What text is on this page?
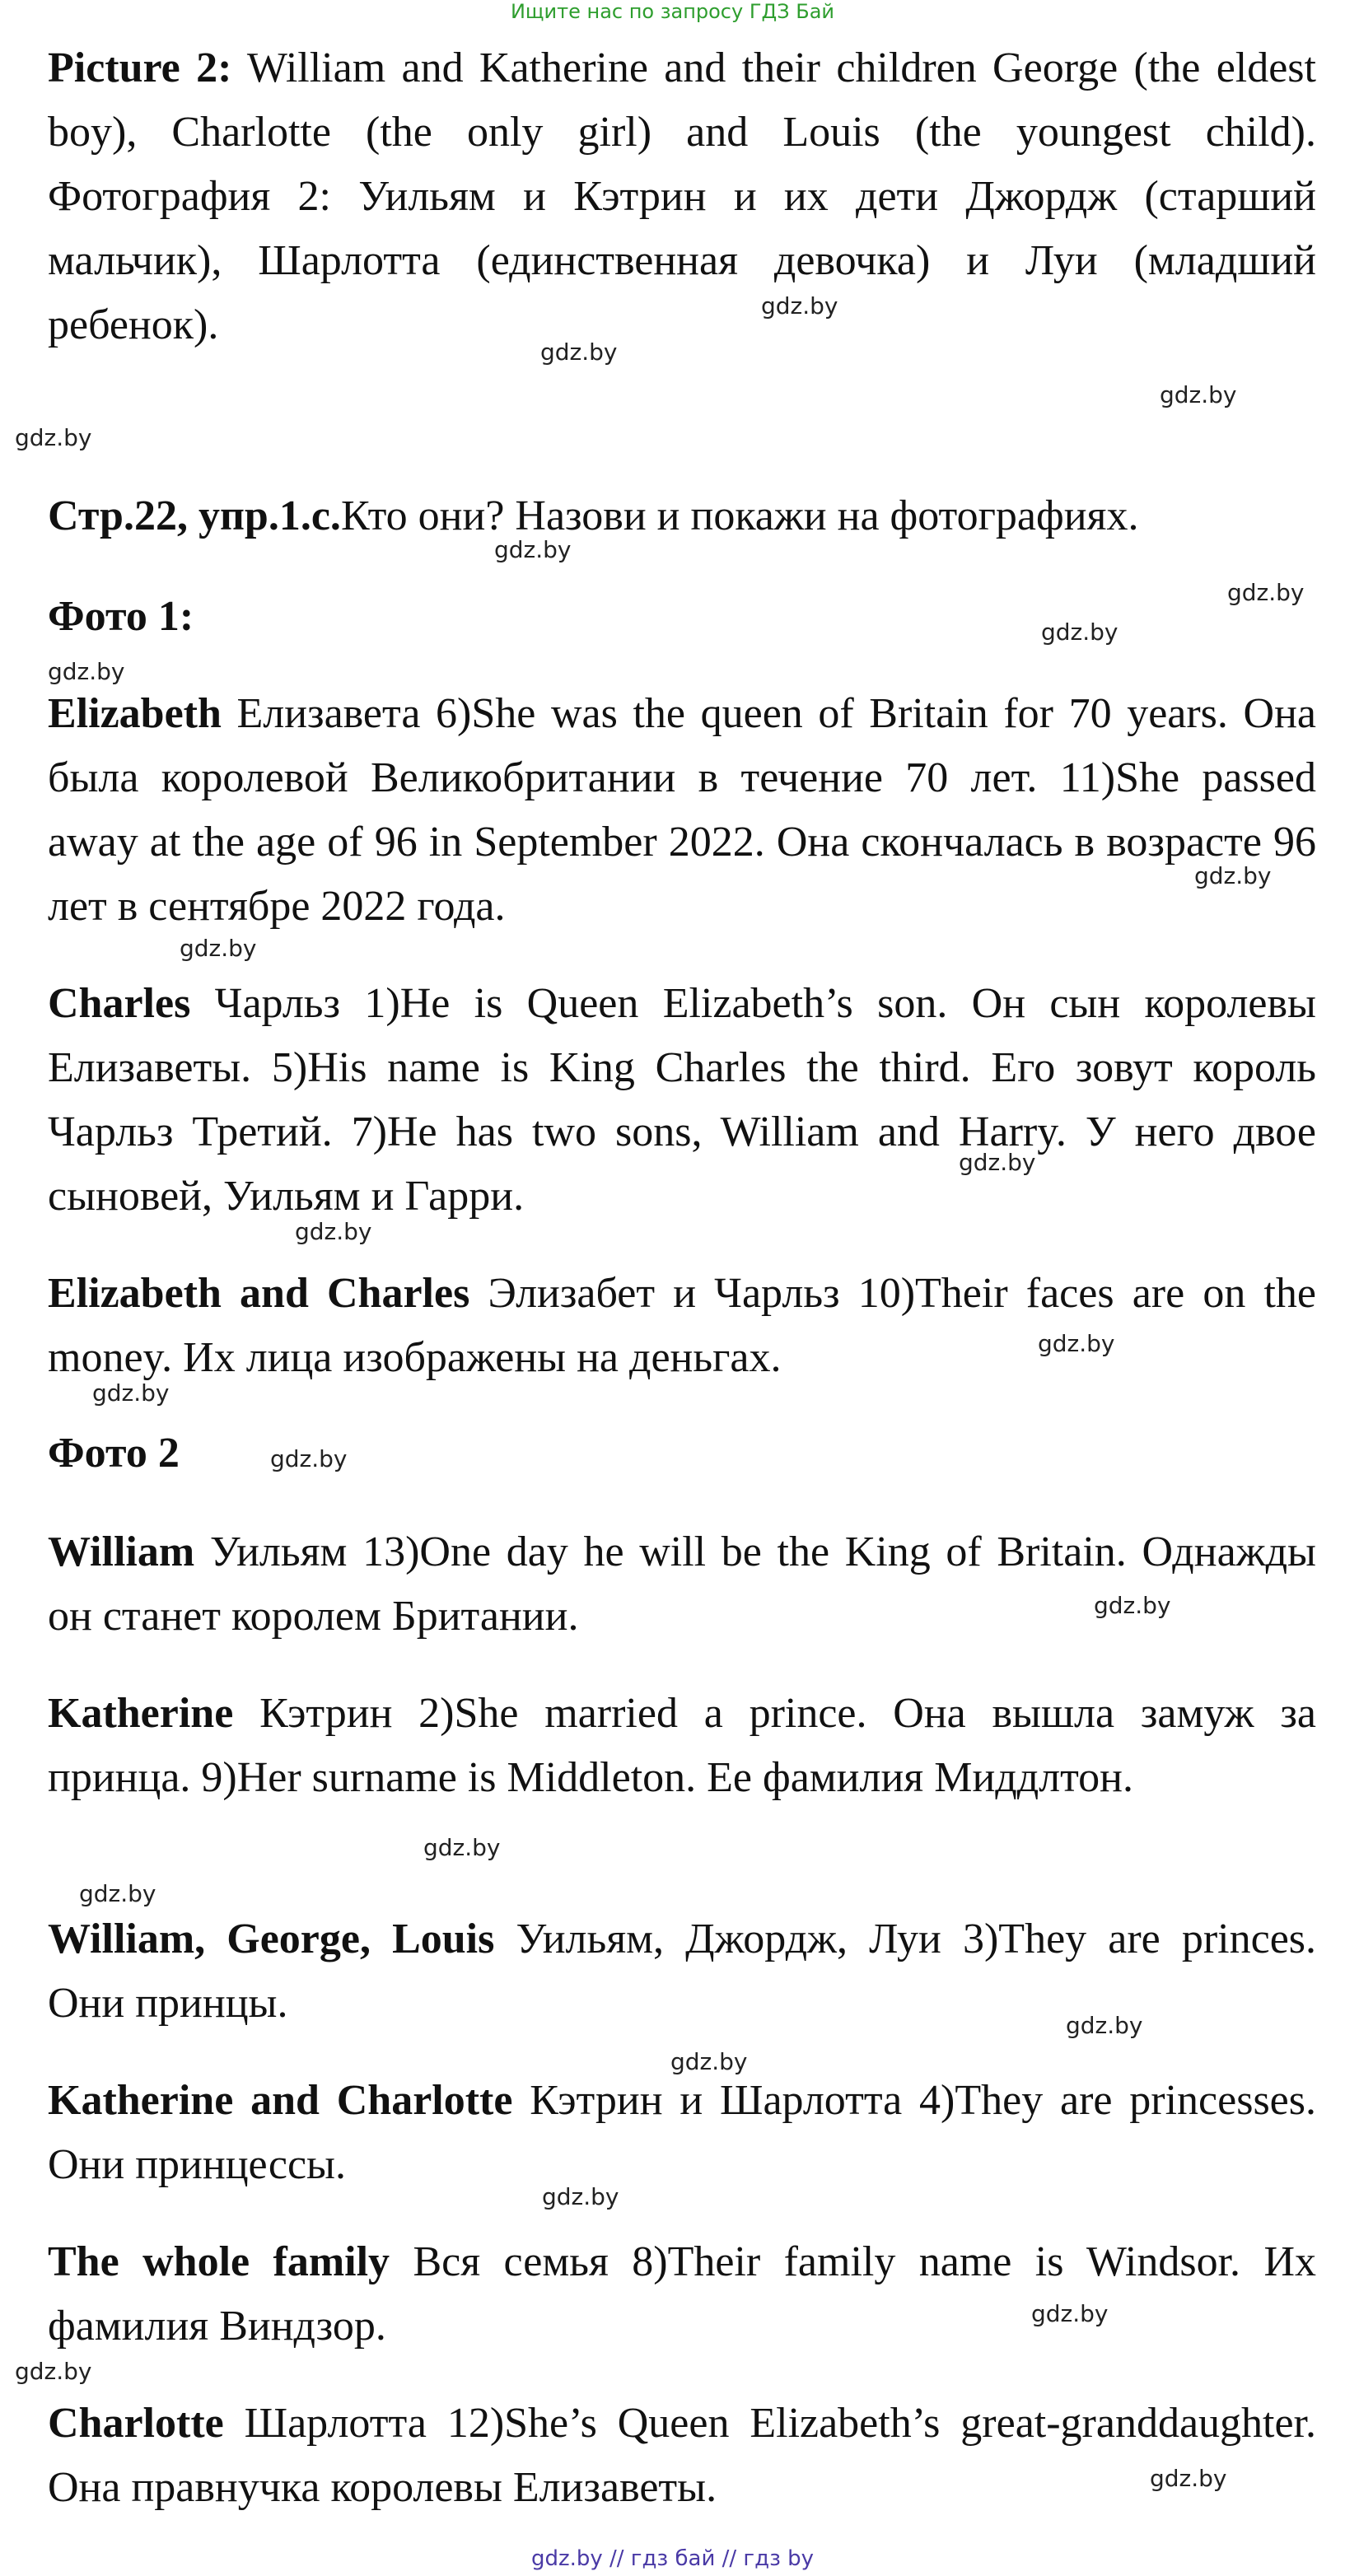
Ищите нас по запросу ГДЗ Бай

Picture 2: William and Katherine and their children George (the eldest boy), Charlotte (the only girl) and Louis (the youngest child). Фотография 2: Уильям и Кэтрин и их дети Джордж (старший мальчик), Шарлотта (единственная девочка) и Луи (младший ребенок).

Стр.22, упр.1.с.Кто они? Назови и покажи на фотографиях.

Фото 1:

Elizabeth Елизавета 6)She was the queen of Britain for 70 years. Она была королевой Великобритании в течение 70 лет. 11)She passed away at the age of 96 in September 2022. Она скончалась в возрасте 96 лет в сентябре 2022 года.

Charles Чарльз 1)He is Queen Elizabeth’s son. Он сын королевы Елизаветы. 5)His name is King Charles the third. Его зовут король Чарльз Третий. 7)He has two sons, William and Harry. У него двое сыновей, Уильям и Гарри.

Elizabeth and Charles Элизабет и Чарльз 10)Their faces are on the money. Их лица изображены на деньгах.

Фото 2

William Уильям 13)One day he will be the King of Britain. Однажды он станет королем Британии.

Katherine Кэтрин 2)She married a prince. Она вышла замуж за принца. 9)Her surname is Middleton. Ее фамилия Миддлтон.

William, George, Louis Уильям, Джордж, Луи 3)They are princes. Они принцы.

Katherine and Charlotte Кэтрин и Шарлотта 4)They are princesses. Они принцессы.

The whole family Вся семья 8)Their family name is Windsor. Их фамилия Виндзор.

Charlotte Шарлотта 12)She’s Queen Elizabeth’s great-granddaughter. Она правнучка королевы Елизаветы.

gdz.by
gdz.by
gdz.by
gdz.by
gdz.by
gdz.by
gdz.by
gdz.by
gdz.by
gdz.by
gdz.by
gdz.by
gdz.by
gdz.by
gdz.by
gdz.by
gdz.by
gdz.by
gdz.by
gdz.by
gdz.by
gdz.by
gdz.by
gdz.by
gdz.by // гдз бай // гдз by
